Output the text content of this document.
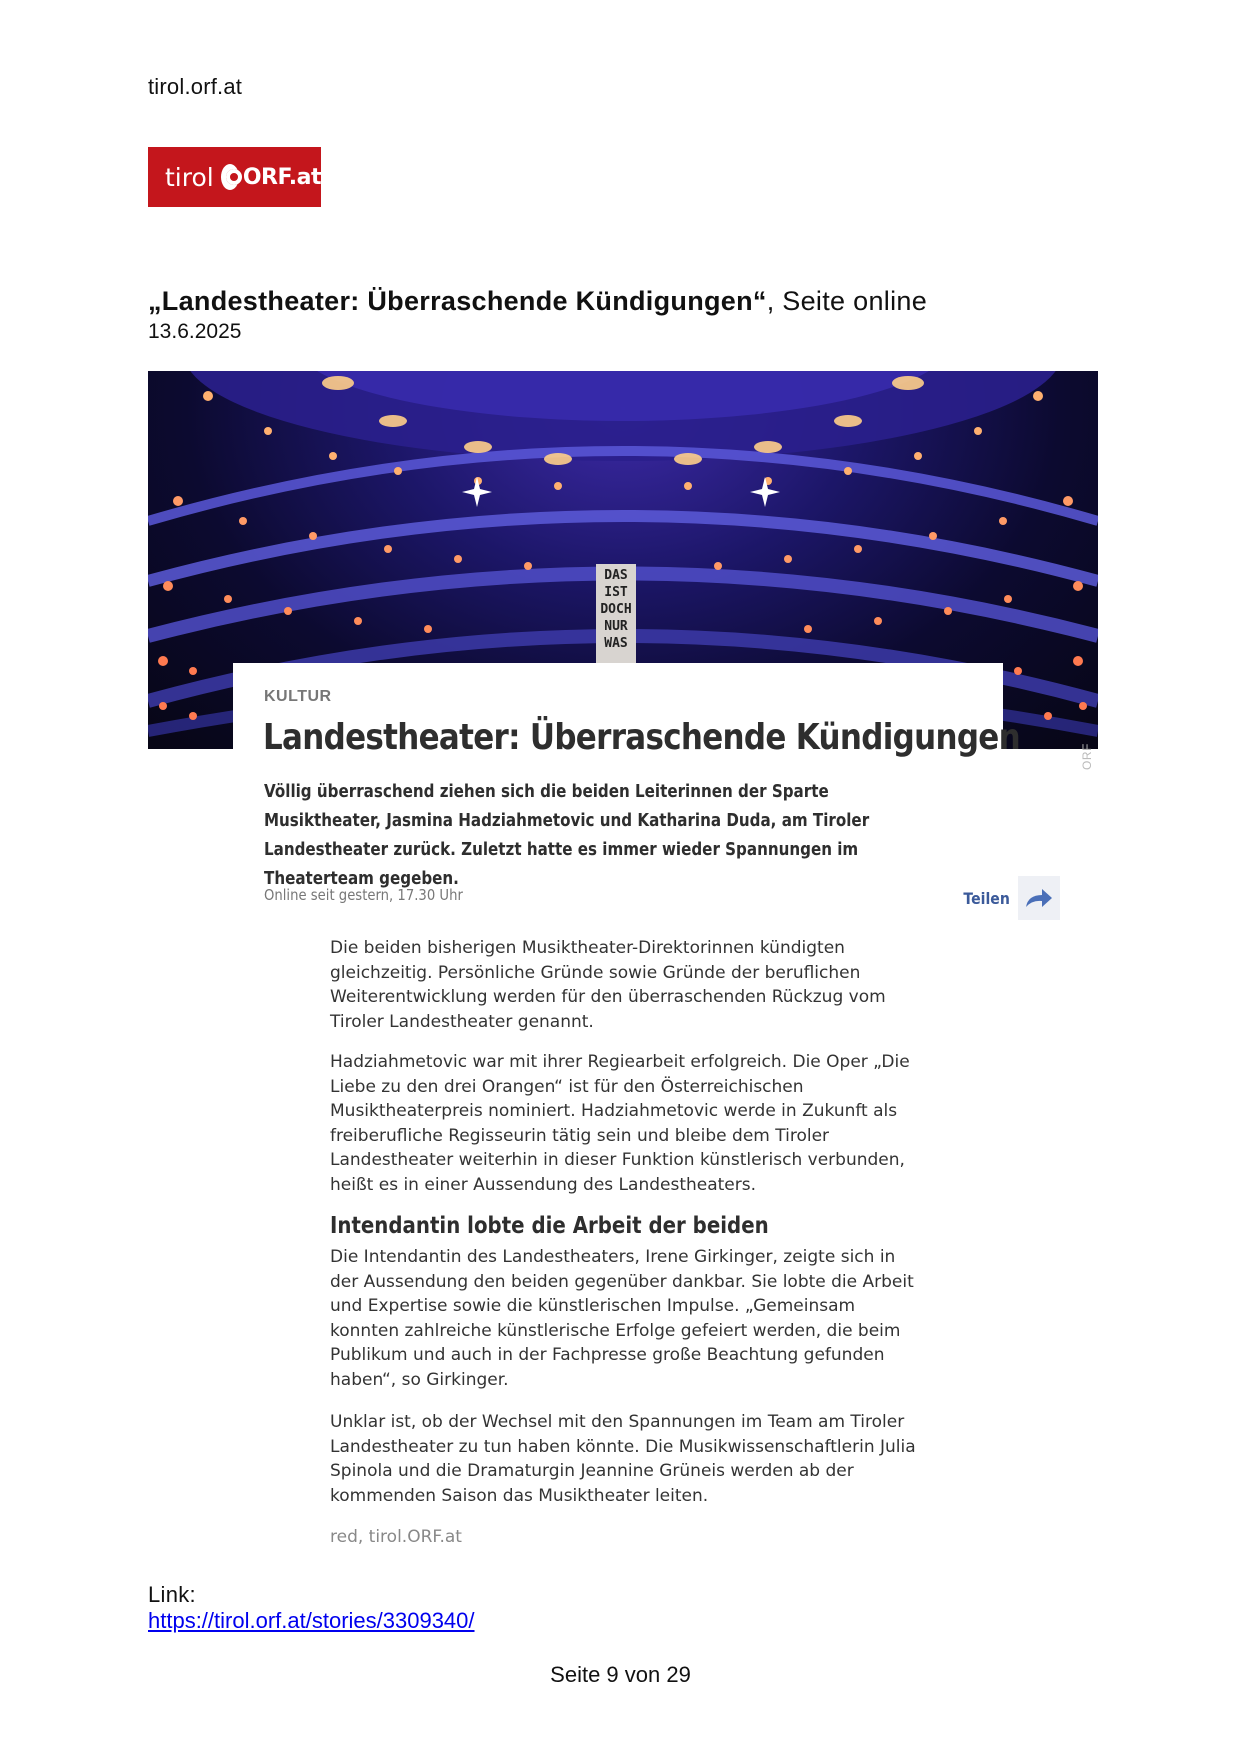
tirol.orf.at
tirol ORF.at
„Landestheater: Überraschende Kündigungen“, Seite online
13.6.2025
DAS
IST
DOCH
NUR
WAS
ORF
KULTUR
Landestheater: Überraschende Kündigungen
Völlig überraschend ziehen sich die beiden Leiterinnen der Sparte Musiktheater, Jasmina Hadziahmetovic und Katharina Duda, am Tiroler Landestheater zurück. Zuletzt hatte es immer wieder Spannungen im Theaterteam gegeben.
Online seit gestern, 17.30 Uhr	Teilen
Die beiden bisherigen Musiktheater-Direktorinnen kündigten gleichzeitig. Persönliche Gründe sowie Gründe der beruflichen Weiterentwicklung werden für den überraschenden Rückzug vom Tiroler Landestheater genannt.
Hadziahmetovic war mit ihrer Regiearbeit erfolgreich. Die Oper „Die Liebe zu den drei Orangen“ ist für den Österreichischen Musiktheaterpreis nominiert. Hadziahmetovic werde in Zukunft als freiberufliche Regisseurin tätig sein und bleibe dem Tiroler Landestheater weiterhin in dieser Funktion künstlerisch verbunden, heißt es in einer Aussendung des Landestheaters.
Intendantin lobte die Arbeit der beiden
Die Intendantin des Landestheaters, Irene Girkinger, zeigte sich in der Aussendung den beiden gegenüber dankbar. Sie lobte die Arbeit und Expertise sowie die künstlerischen Impulse. „Gemeinsam konnten zahlreiche künstlerische Erfolge gefeiert werden, die beim Publikum und auch in der Fachpresse große Beachtung gefunden haben“, so Girkinger.
Unklar ist, ob der Wechsel mit den Spannungen im Team am Tiroler Landestheater zu tun haben könnte. Die Musikwissenschaftlerin Julia Spinola und die Dramaturgin Jeannine Grüneis werden ab der kommenden Saison das Musiktheater leiten.
red, tirol.ORF.at
Link:
https://tirol.orf.at/stories/3309340/
Seite 9 von 29
